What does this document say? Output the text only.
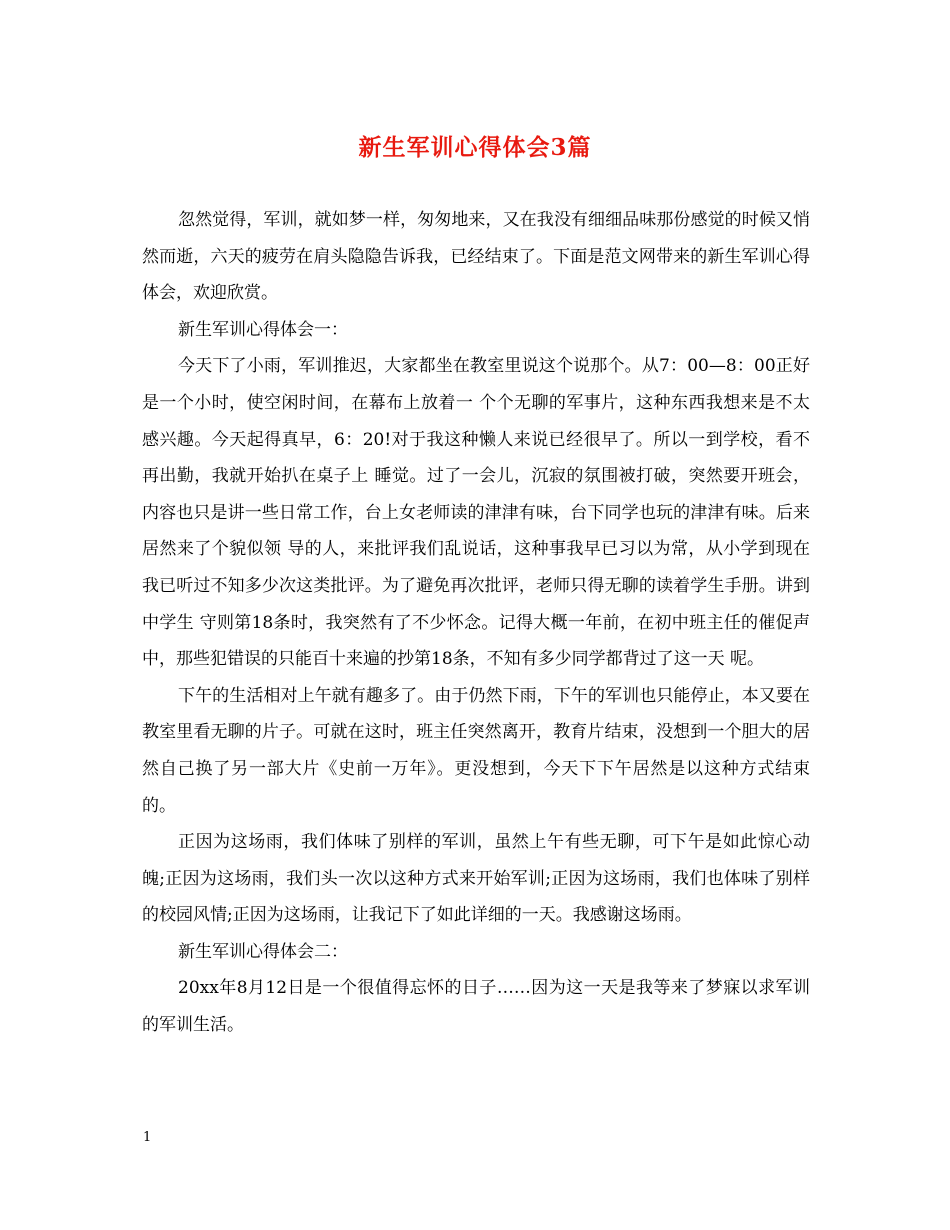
新生军训心得体会3篇

忽然觉得，军训，就如梦一样，匆匆地来，又在我没有细细品味那份感觉的时候又悄然而逝，六天的疲劳在肩头隐隐告诉我，已经结束了。下面是范文网带来的新生军训心得体会，欢迎欣赏。

新生军训心得体会一：

今天下了小雨，军训推迟，大家都坐在教室里说这个说那个。从7：00—8：00正好是一个小时，使空闲时间，在幕布上放着一 个个无聊的军事片，这种东西我想来是不太感兴趣。今天起得真早，6：20!对于我这种懒人来说已经很早了。所以一到学校，看不再出勤，我就开始扒在桌子上 睡觉。过了一会儿，沉寂的氛围被打破，突然要开班会，内容也只是讲一些日常工作，台上女老师读的津津有味，台下同学也玩的津津有味。后来居然来了个貌似领 导的人，来批评我们乱说话，这种事我早已习以为常，从小学到现在我已听过不知多少次这类批评。为了避免再次批评，老师只得无聊的读着学生手册。讲到中学生 守则第18条时，我突然有了不少怀念。记得大概一年前，在初中班主任的催促声中，那些犯错误的只能百十来遍的抄第18条，不知有多少同学都背过了这一天 呢。

下午的生活相对上午就有趣多了。由于仍然下雨，下午的军训也只能停止，本又要在教室里看无聊的片子。可就在这时，班主任突然离开，教育片结束，没想到一个胆大的居然自己换了另一部大片《史前一万年》。更没想到，今天下下午居然是以这种方式结束的。

正因为这场雨，我们体味了别样的军训，虽然上午有些无聊，可下午是如此惊心动魄;正因为这场雨，我们头一次以这种方式来开始军训;正因为这场雨，我们也体味了别样的校园风情;正因为这场雨，让我记下了如此详细的一天。我感谢这场雨。

新生军训心得体会二：

20xx年8月12日是一个很值得忘怀的日子……因为这一天是我等来了梦寐以求军训的军训生活。

1
